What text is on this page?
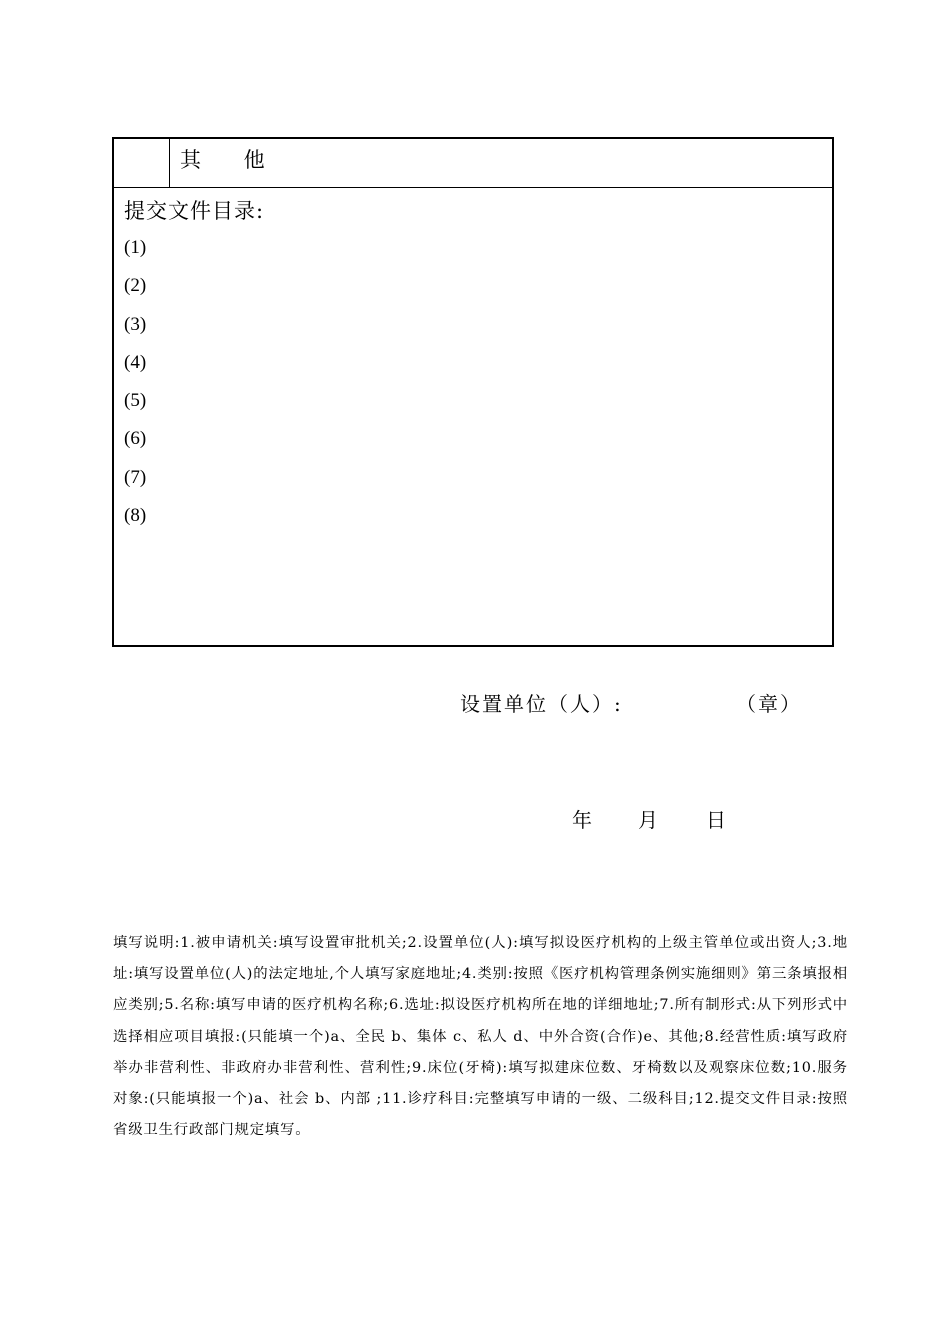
其 他
提交文件目录:
(1)
(2)
(3)
(4)
(5)
(6)
(7)
(8)
设置单位（人）:	（章）
年 月 日
填写说明:1.被申请机关:填写设置审批机关;2.设置单位(人):填写拟设医疗机构的上级主管单位或出资人;3.地址:填写设置单位(人)的法定地址,个人填写家庭地址;4.类别:按照《医疗机构管理条例实施细则》第三条填报相应类别;5.名称:填写申请的医疗机构名称;6.选址:拟设医疗机构所在地的详细地址;7.所有制形式:从下列形式中选择相应项目填报:(只能填一个)a、全民 b、集体 c、私人 d、中外合资(合作)e、其他;8.经营性质:填写政府举办非营利性、非政府办非营利性、营利性;9.床位(牙椅):填写拟建床位数、牙椅数以及观察床位数;10.服务对象:(只能填报一个)a、社会 b、内部 ;11.诊疗科目:完整填写申请的一级、二级科目;12.提交文件目录:按照省级卫生行政部门规定填写。
